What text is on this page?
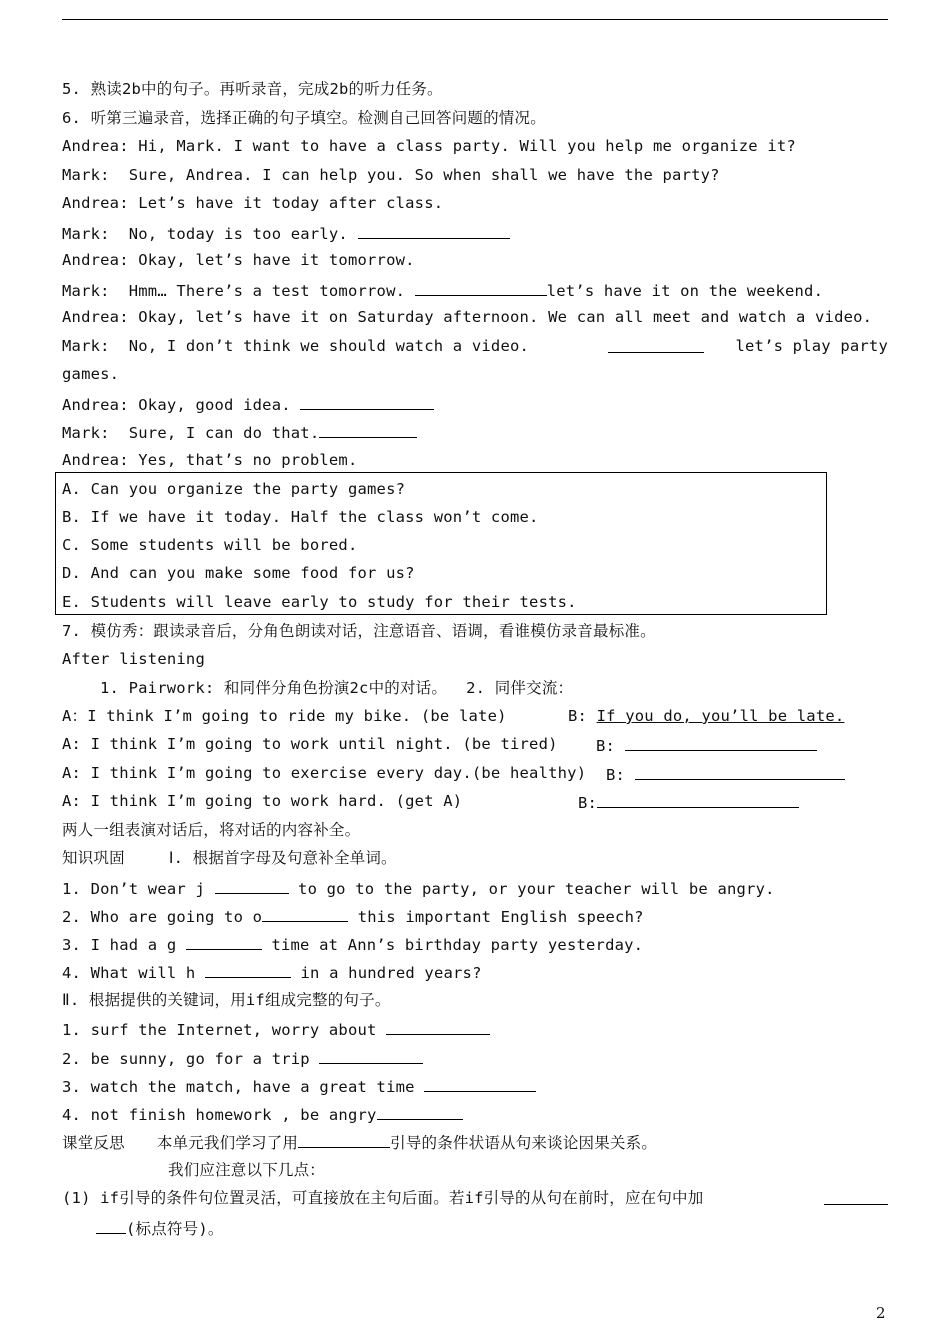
5. 熟读2b中的句子。再听录音，完成2b的听力任务。
6. 听第三遍录音，选择正确的句子填空。检测自己回答问题的情况。
Andrea: Hi, Mark. I want to have a class party. Will you help me organize it?
Mark:  Sure, Andrea. I can help you. So when shall we have the party?
Andrea: Let’s have it today after class.
Mark:  No, today is too early.
Andrea: Okay, let’s have it tomorrow.
Mark:  Hmm… There’s a test tomorrow.	let’s have it on the weekend.
Andrea: Okay, let’s have it on Saturday afternoon. We can all meet and watch a video.
Mark:  No, I don’t think we should watch a video.	let’s play party
games.
Andrea: Okay, good idea.
Mark:  Sure, I can do that.
Andrea: Yes, that’s no problem.
A. Can you organize the party games?
B. If we have it today. Half the class won’t come.
C. Some students will be bored.
D. And can you make some food for us?
E. Students will leave early to study for their tests.
7. 模仿秀：跟读录音后，分角色朗读对话，注意语音、语调，看谁模仿录音最标准。
After listening
1. Pairwork: 和同伴分角色扮演2c中的对话。  2. 同伴交流：
A：I think I’m going to ride my bike. (be late)	B: If you do, you’ll be late.
A: I think I’m going to work until night. (be tired) B:
A: I think I’m going to exercise every day.(be healthy) B:
A: I think I’m going to work hard. (get A)	B:
两人一组表演对话后，将对话的内容补全。
知识巩固	Ⅰ. 根据首字母及句意补全单词。
1. Don’t wear j	to go to the party, or your teacher will be angry.
2. Who are going to o	this important English speech?
3. I had a g	time at Ann’s birthday party yesterday.
4. What will h	in a hundred years?
Ⅱ. 根据提供的关键词，用if组成完整的句子。
1. surf the Internet, worry about
2. be sunny, go for a trip
3. watch the match, have a great time
4. not finish homework , be angry
课堂反思 本单元我们学习了用	引导的条件状语从句来谈论因果关系。
我们应注意以下几点：
(1) if引导的条件句位置灵活，可直接放在主句后面。若if引导的从句在前时，应在句中加
(标点符号)。
2
